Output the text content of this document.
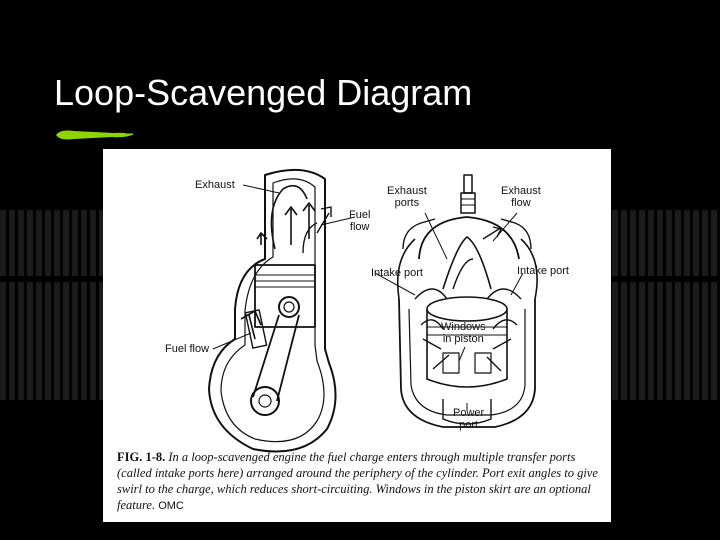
Loop-Scavenged Diagram
Exhaust
Fuel
flow
Fuel flow
Exhaust
ports
Exhaust
flow
Intake port	Intake port
Windows
in piston
Power
port
FIG. 1-8. In a loop-scavenged engine the fuel charge enters through multiple transfer ports (called intake ports here) arranged around the periphery of the cylinder. Port exit angles to give swirl to the charge, which reduces short-circuiting. Windows in the piston skirt are an optional feature. OMC
